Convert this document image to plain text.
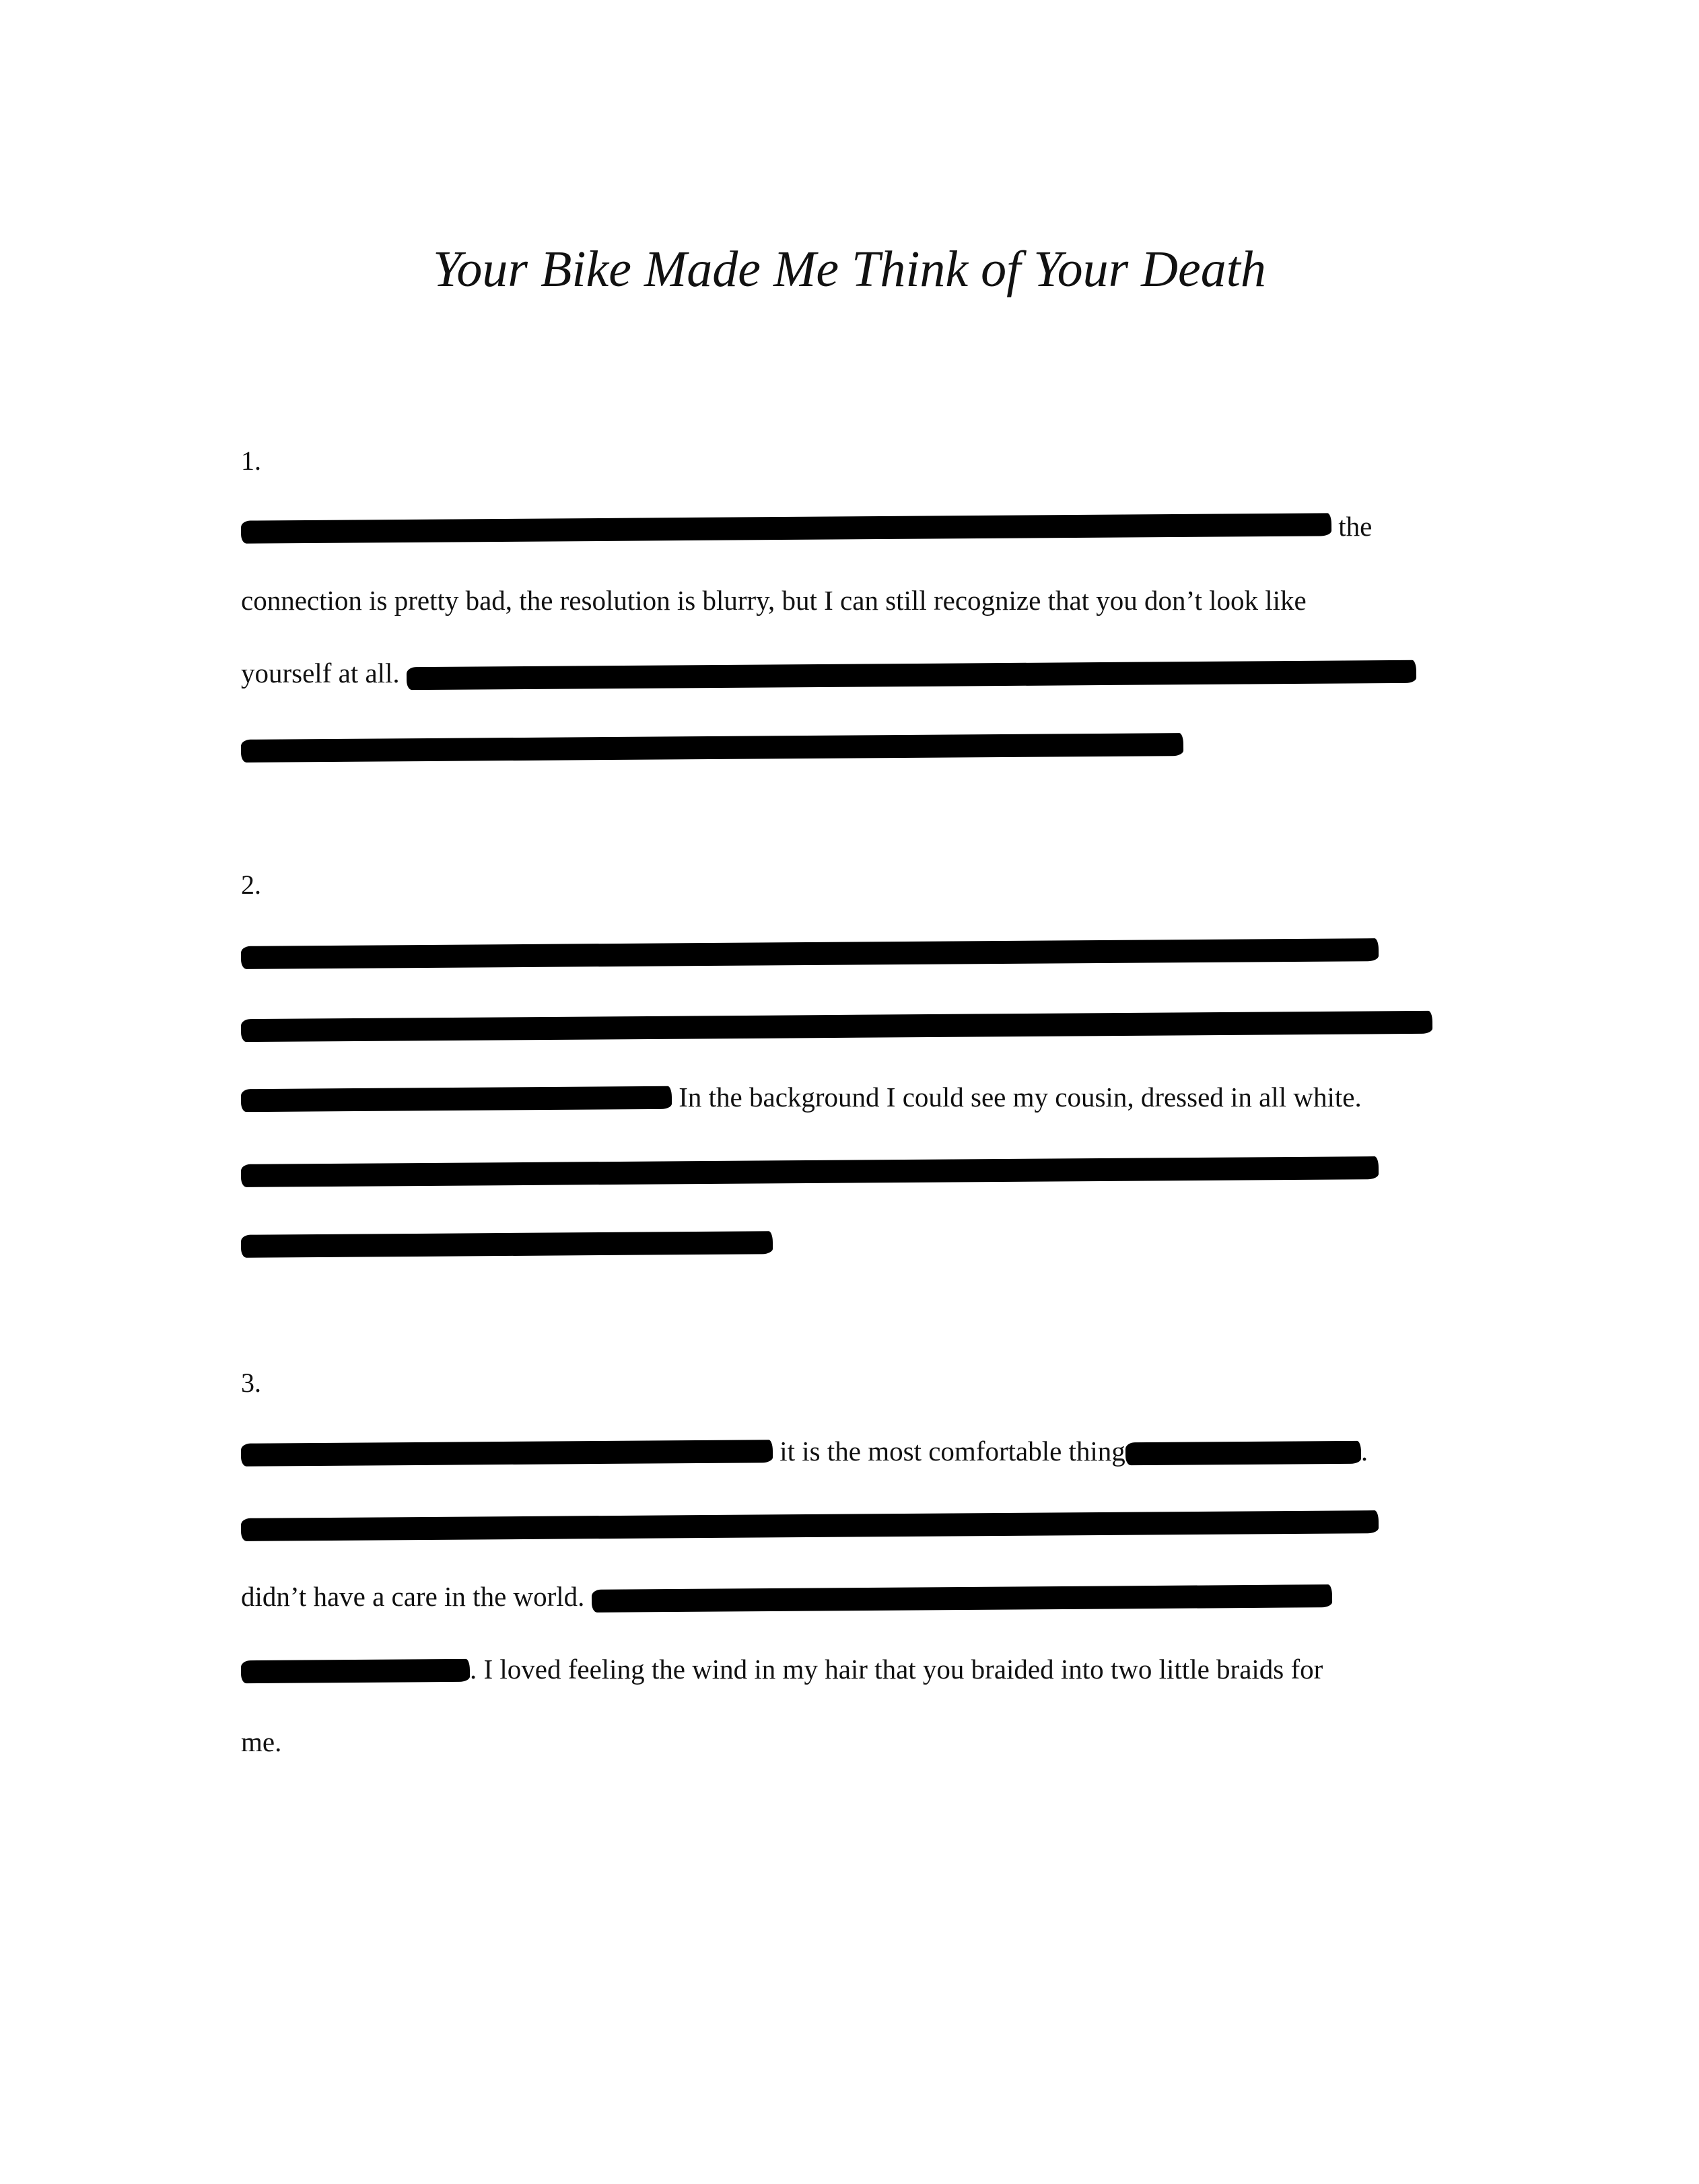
Your Bike Made Me Think of Your Death
1.
the
connection is pretty bad, the resolution is blurry, but I can still recognize that you don’t look like
yourself at all.
2.
In the background I could see my cousin, dressed in all white.
3.
it is the most comfortable thing	.
didn’t have a care in the world.
. I loved feeling the wind in my hair that you braided into two little braids for
me.
